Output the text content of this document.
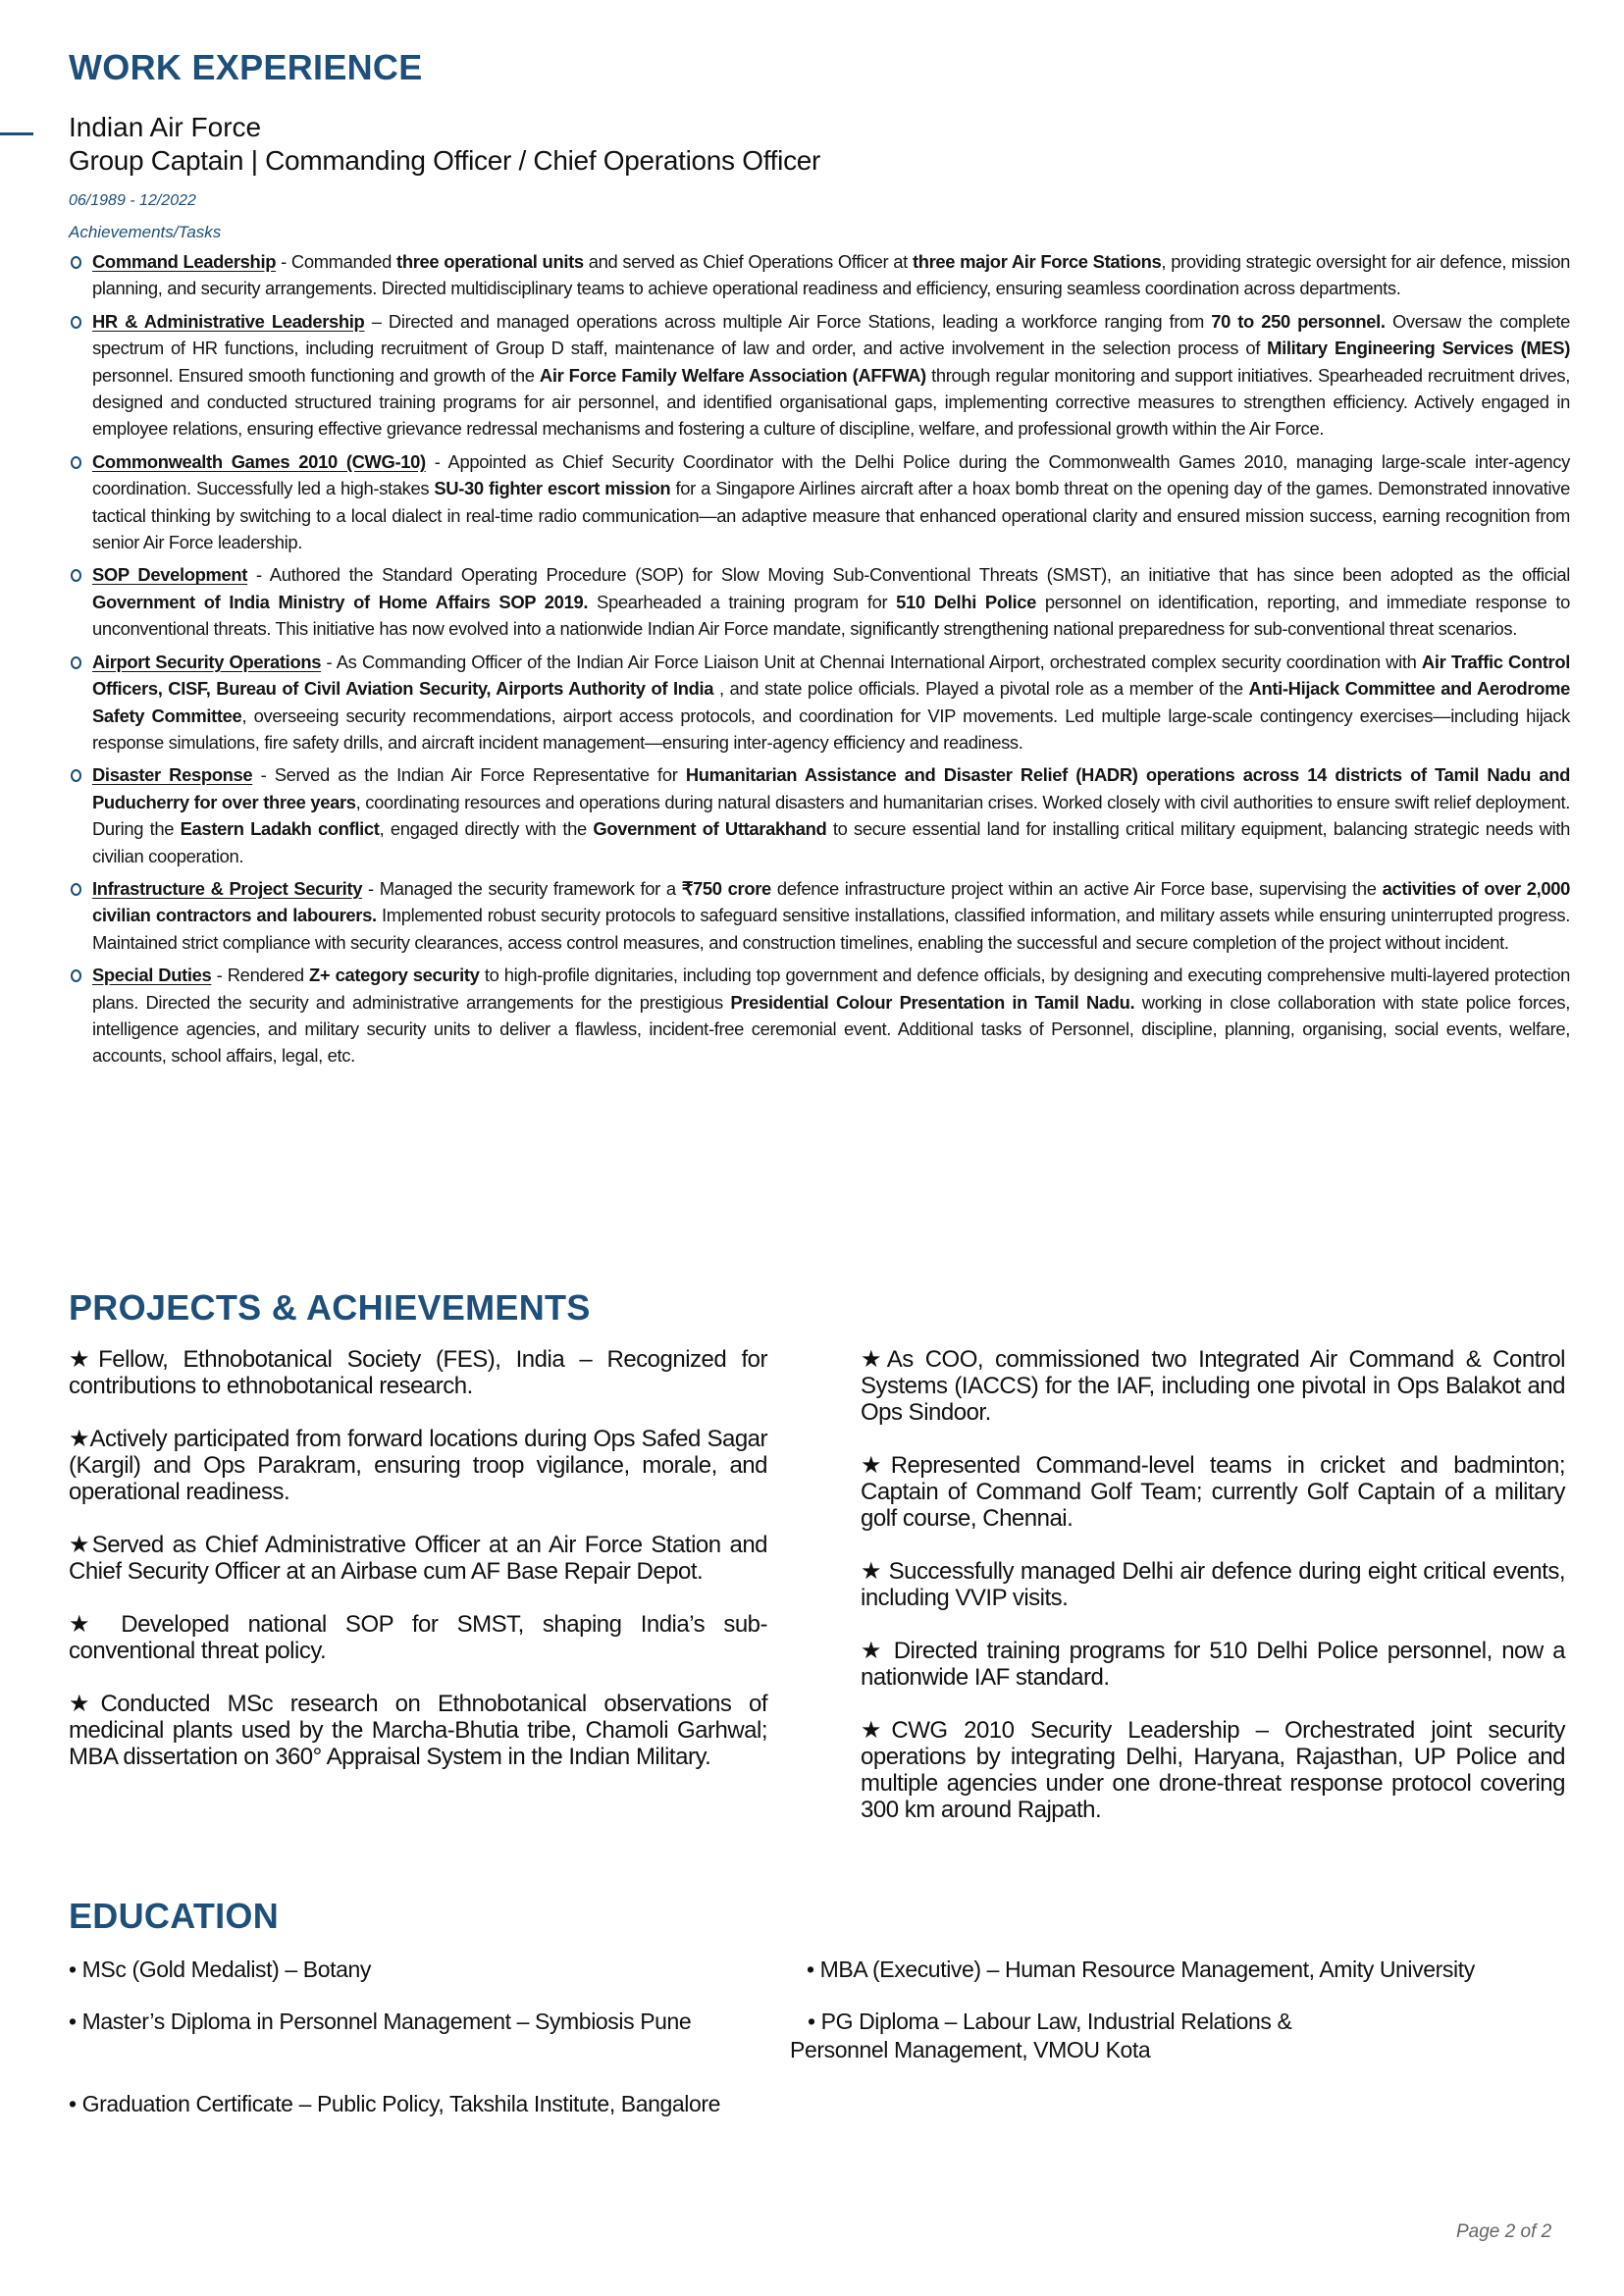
WORK EXPERIENCE
Indian Air Force
Group Captain | Commanding Officer / Chief Operations Officer
06/1989 - 12/2022
Achievements/Tasks
Command Leadership - Commanded three operational units and served as Chief Operations Officer at three major Air Force Stations, providing strategic oversight for air defence, mission planning, and security arrangements. Directed multidisciplinary teams to achieve operational readiness and efficiency, ensuring seamless coordination across departments.
HR & Administrative Leadership – Directed and managed operations across multiple Air Force Stations, leading a workforce ranging from 70 to 250 personnel. Oversaw the complete spectrum of HR functions, including recruitment of Group D staff, maintenance of law and order, and active involvement in the selection process of Military Engineering Services (MES) personnel. Ensured smooth functioning and growth of the Air Force Family Welfare Association (AFFWA) through regular monitoring and support initiatives. Spearheaded recruitment drives, designed and conducted structured training programs for air personnel, and identified organisational gaps, implementing corrective measures to strengthen efficiency. Actively engaged in employee relations, ensuring effective grievance redressal mechanisms and fostering a culture of discipline, welfare, and professional growth within the Air Force.
Commonwealth Games 2010 (CWG-10) - Appointed as Chief Security Coordinator with the Delhi Police during the Commonwealth Games 2010, managing large-scale inter-agency coordination. Successfully led a high-stakes SU-30 fighter escort mission for a Singapore Airlines aircraft after a hoax bomb threat on the opening day of the games. Demonstrated innovative tactical thinking by switching to a local dialect in real-time radio communication—an adaptive measure that enhanced operational clarity and ensured mission success, earning recognition from senior Air Force leadership.
SOP Development - Authored the Standard Operating Procedure (SOP) for Slow Moving Sub-Conventional Threats (SMST), an initiative that has since been adopted as the official Government of India Ministry of Home Affairs SOP 2019. Spearheaded a training program for 510 Delhi Police personnel on identification, reporting, and immediate response to unconventional threats. This initiative has now evolved into a nationwide Indian Air Force mandate, significantly strengthening national preparedness for sub-conventional threat scenarios.
Airport Security Operations - As Commanding Officer of the Indian Air Force Liaison Unit at Chennai International Airport, orchestrated complex security coordination with Air Traffic Control Officers, CISF, Bureau of Civil Aviation Security, Airports Authority of India , and state police officials. Played a pivotal role as a member of the Anti-Hijack Committee and Aerodrome Safety Committee, overseeing security recommendations, airport access protocols, and coordination for VIP movements. Led multiple large-scale contingency exercises—including hijack response simulations, fire safety drills, and aircraft incident management—ensuring inter-agency efficiency and readiness.
Disaster Response - Served as the Indian Air Force Representative for Humanitarian Assistance and Disaster Relief (HADR) operations across 14 districts of Tamil Nadu and Puducherry for over three years, coordinating resources and operations during natural disasters and humanitarian crises. Worked closely with civil authorities to ensure swift relief deployment. During the Eastern Ladakh conflict, engaged directly with the Government of Uttarakhand to secure essential land for installing critical military equipment, balancing strategic needs with civilian cooperation.
Infrastructure & Project Security - Managed the security framework for a ₹750 crore defence infrastructure project within an active Air Force base, supervising the activities of over 2,000 civilian contractors and labourers. Implemented robust security protocols to safeguard sensitive installations, classified information, and military assets while ensuring uninterrupted progress. Maintained strict compliance with security clearances, access control measures, and construction timelines, enabling the successful and secure completion of the project without incident.
Special Duties - Rendered Z+ category security to high-profile dignitaries, including top government and defence officials, by designing and executing comprehensive multi-layered protection plans. Directed the security and administrative arrangements for the prestigious Presidential Colour Presentation in Tamil Nadu. working in close collaboration with state police forces, intelligence agencies, and military security units to deliver a flawless, incident-free ceremonial event. Additional tasks of Personnel, discipline, planning, organising, social events, welfare, accounts, school affairs, legal, etc.
PROJECTS & ACHIEVEMENTS
★Fellow, Ethnobotanical Society (FES), India – Recognized for contributions to ethnobotanical research.
★Actively participated from forward locations during Ops Safed Sagar (Kargil) and Ops Parakram, ensuring troop vigilance, morale, and operational readiness.
★Served as Chief Administrative Officer at an Air Force Station and Chief Security Officer at an Airbase cum AF Base Repair Depot.
★ Developed national SOP for SMST, shaping India’s sub-conventional threat policy.
★Conducted MSc research on Ethnobotanical observations of medicinal plants used by the Marcha-Bhutia tribe, Chamoli Garhwal; MBA dissertation on 360° Appraisal System in the Indian Military.
★As COO, commissioned two Integrated Air Command & Control Systems (IACCS) for the IAF, including one pivotal in Ops Balakot and Ops Sindoor.
★Represented Command-level teams in cricket and badminton; Captain of Command Golf Team; currently Golf Captain of a military golf course, Chennai.
★ Successfully managed Delhi air defence during eight critical events, including VVIP visits.
★ Directed training programs for 510 Delhi Police personnel, now a nationwide IAF standard.
★CWG 2010 Security Leadership – Orchestrated joint security operations by integrating Delhi, Haryana, Rajasthan, UP Police and multiple agencies under one drone-threat response protocol covering 300 km around Rajpath.
EDUCATION
• MSc (Gold Medalist) – Botany	• MBA (Executive) – Human Resource Management, Amity University
• Master’s Diploma in Personnel Management – Symbiosis Pune	• PG Diploma – Labour Law, Industrial Relations & Personnel Management, VMOU Kota
• Graduation Certificate – Public Policy, Takshila Institute, Bangalore
Page 2 of 2
